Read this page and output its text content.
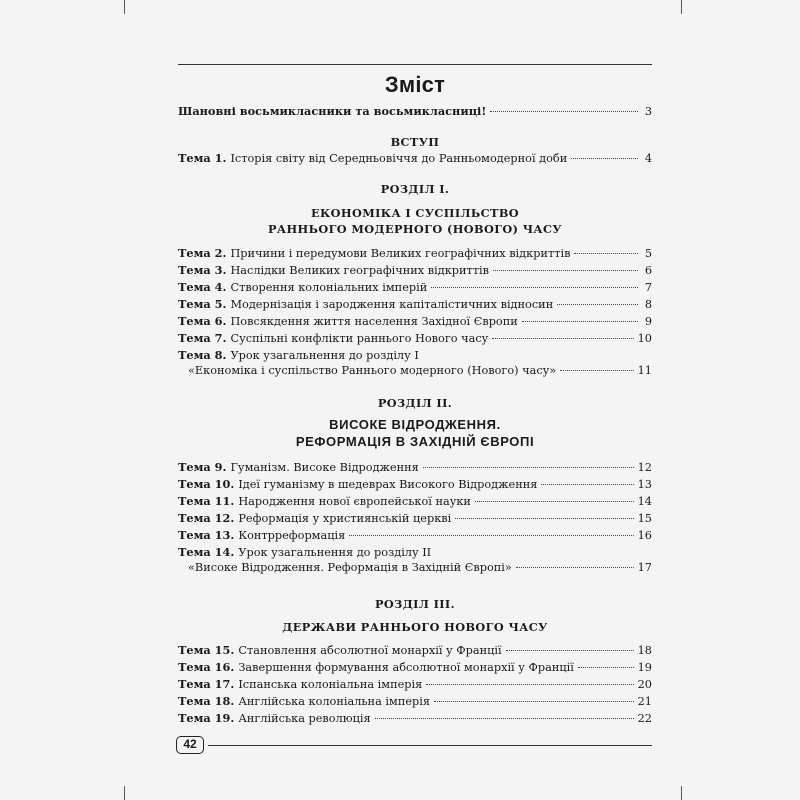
Зміст
Шановні восьмикласники та восьмикласниці!	3
ВСТУП
Тема 1. Історія світу від Середньовіччя до Ранньомодерної доби	4
РОЗДІЛ І.
ЕКОНОМІКА І СУСПІЛЬСТВО
РАННЬОГО МОДЕРНОГО (НОВОГО) ЧАСУ
Тема 2. Причини і передумови Великих географічних відкриттів	5
Тема 3. Наслідки Великих географічних відкриттів	6
Тема 4. Створення колоніальних імперій	7
Тема 5. Модернізація і зародження капіталістичних відносин	8
Тема 6. Повсякдення життя населення Західної Європи	9
Тема 7. Суспільні конфлікти раннього Нового часу	10
Тема 8. Урок узагальнення до розділу І
«Економіка і суспільство Раннього модерного (Нового) часу»	11
РОЗДІЛ ІІ.
ВИСОКЕ ВІДРОДЖЕННЯ.
РЕФОРМАЦІЯ В ЗАХІДНІЙ ЄВРОПІ
Тема 9. Гуманізм. Високе Відродження	12
Тема 10. Ідеї гуманізму в шедеврах Високого Відродження	13
Тема 11. Народження нової європейської науки	14
Тема 12. Реформація у християнській церкві	15
Тема 13. Контрреформація	16
Тема 14. Урок узагальнення до розділу ІІ
«Високе Відродження. Реформація в Західній Європі»	17
РОЗДІЛ ІІІ.
ДЕРЖАВИ РАННЬОГО НОВОГО ЧАСУ
Тема 15. Становлення абсолютної монархії у Франції	18
Тема 16. Завершення формування абсолютної монархії у Франції	19
Тема 17. Іспанська колоніальна імперія	20
Тема 18. Англійська колоніальна імперія	21
Тема 19. Англійська революція	22
42
